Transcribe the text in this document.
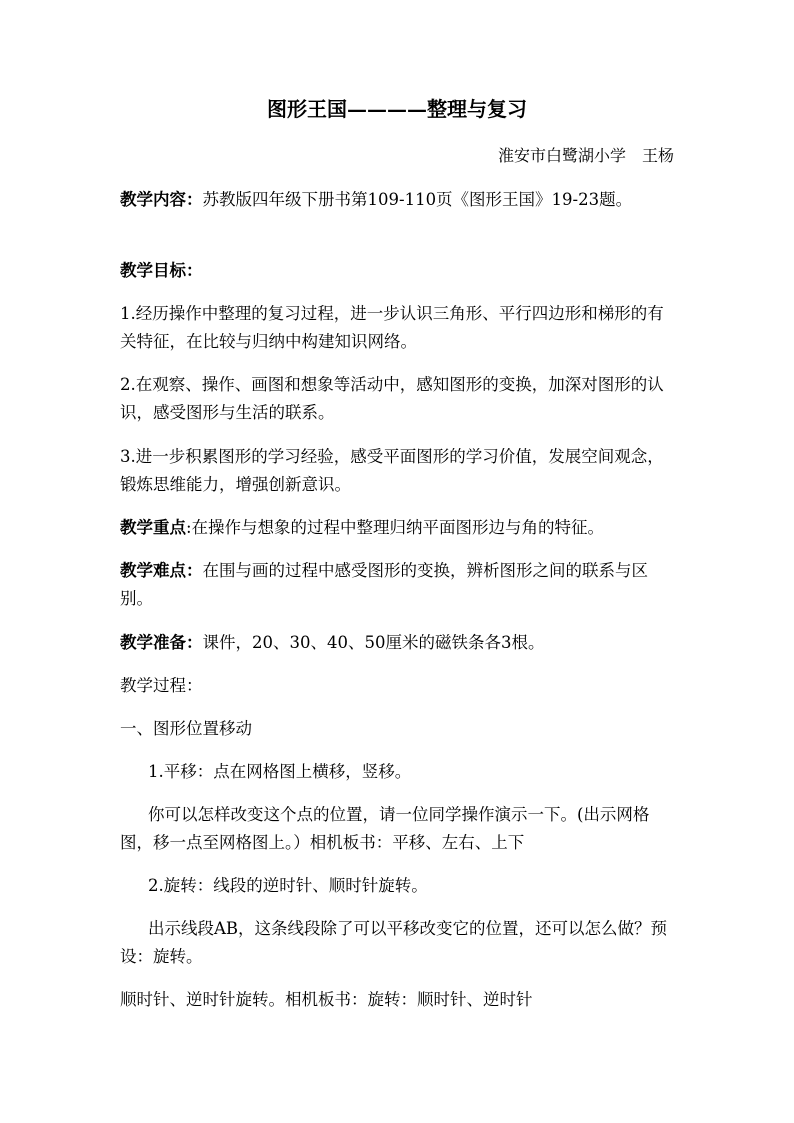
图形王国————整理与复习
淮安市白鹭湖小学　王杨
教学内容：苏教版四年级下册书第109-110页《图形王国》19-23题。
教学目标：
1.经历操作中整理的复习过程，进一步认识三角形、平行四边形和梯形的有关特征，在比较与归纳中构建知识网络。
2.在观察、操作、画图和想象等活动中，感知图形的变换，加深对图形的认识，感受图形与生活的联系。
3.进一步积累图形的学习经验，感受平面图形的学习价值，发展空间观念，锻炼思维能力，增强创新意识。
教学重点:在操作与想象的过程中整理归纳平面图形边与角的特征。
教学难点：在围与画的过程中感受图形的变换，辨析图形之间的联系与区别。
教学准备：课件，20、30、40、50厘米的磁铁条各3根。
教学过程：
一、图形位置移动
1.平移：点在网格图上横移，竖移。
你可以怎样改变这个点的位置，请一位同学操作演示一下。(出示网格图，移一点至网格图上。）相机板书：平移、左右、上下
2.旋转：线段的逆时针、顺时针旋转。
出示线段AB，这条线段除了可以平移改变它的位置，还可以怎么做？预设：旋转。
顺时针、逆时针旋转。相机板书：旋转：顺时针、逆时针
